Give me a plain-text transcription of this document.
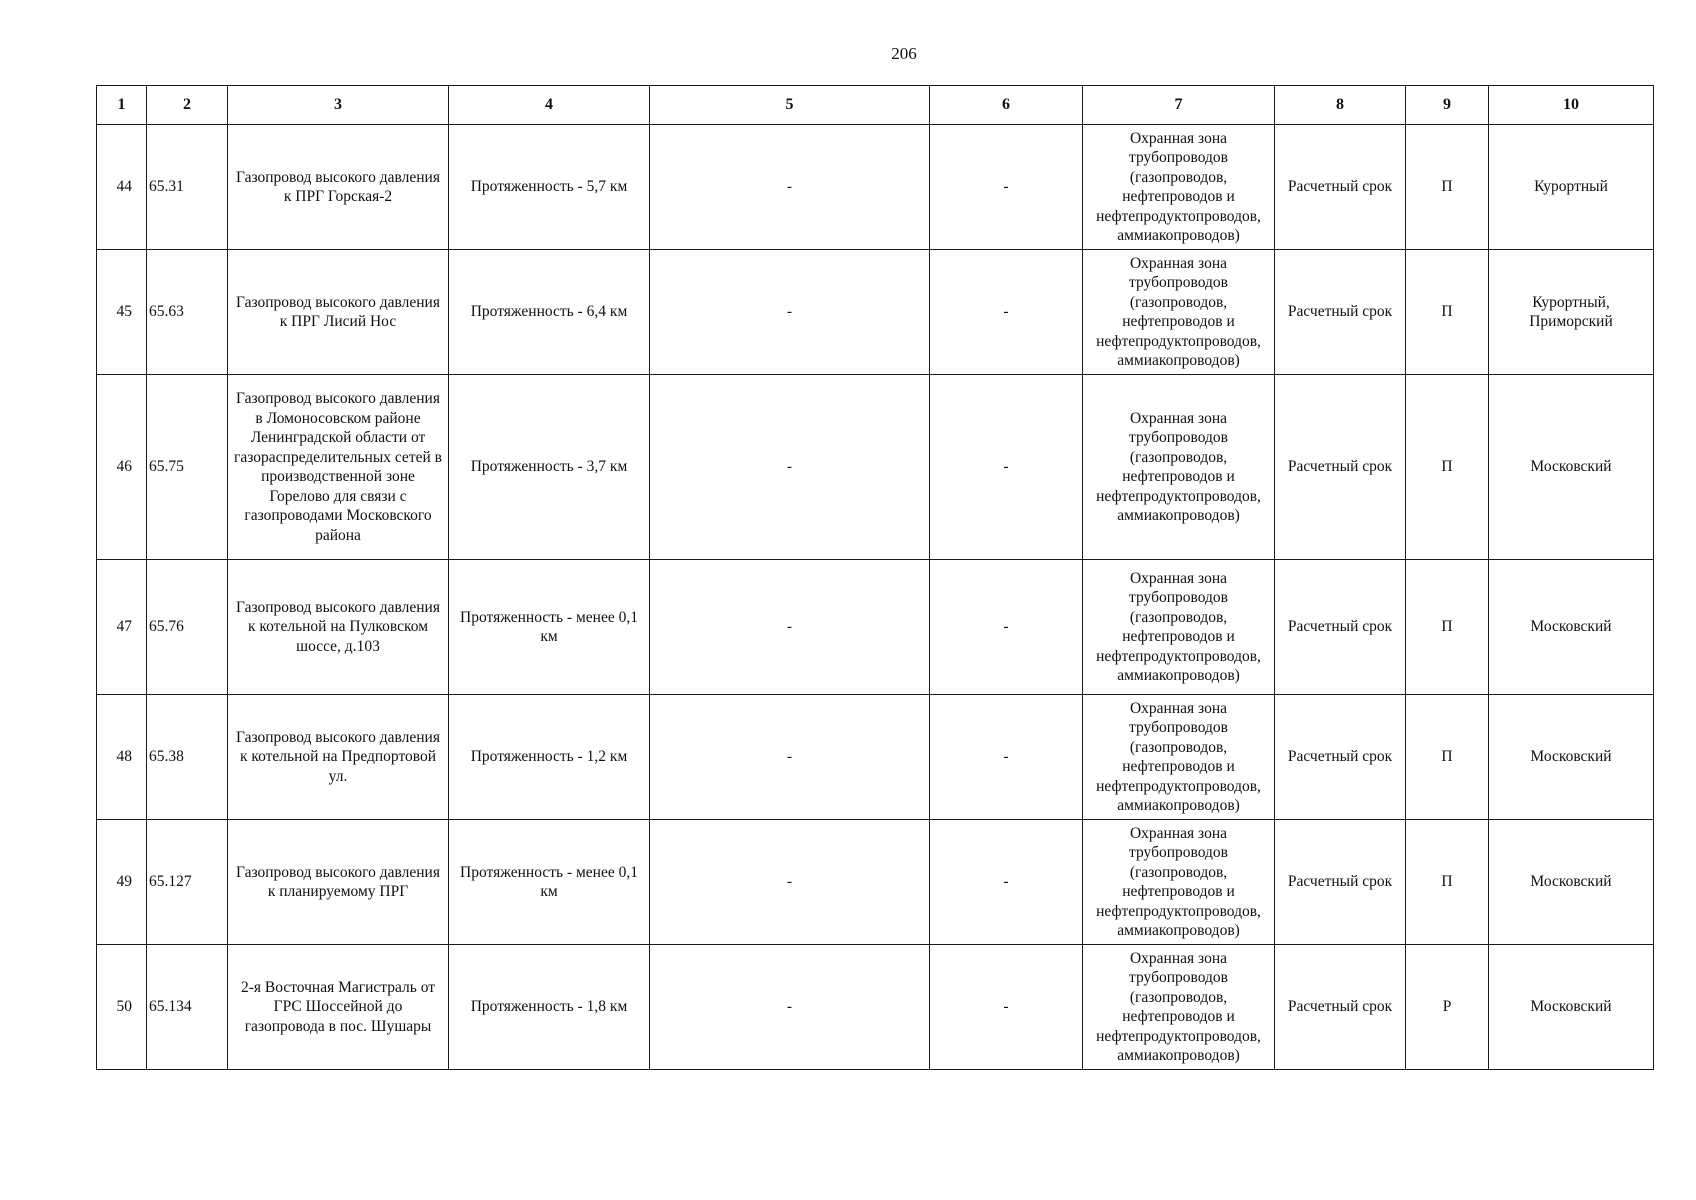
206
1	2	3	4	5	6	7	8	9	10
44	65.31	Газопровод высокого давления к ПРГ Горская-2	Протяженность - 5,7 км	-	-	Охранная зона трубопроводов (газопроводов, нефтепроводов и нефтепродуктопроводов, аммиакопроводов)	Расчетный срок	П	Курортный
45	65.63	Газопровод высокого давления к ПРГ Лисий Нос	Протяженность - 6,4 км	-	-	Охранная зона трубопроводов (газопроводов, нефтепроводов и нефтепродуктопроводов, аммиакопроводов)	Расчетный срок	П	Курортный, Приморский
46	65.75	Газопровод высокого давления в Ломоносовском районе Ленинградской области от газораспределительных сетей в производственной зоне Горелово для связи с газопроводами Московского района	Протяженность - 3,7 км	-	-	Охранная зона трубопроводов (газопроводов, нефтепроводов и нефтепродуктопроводов, аммиакопроводов)	Расчетный срок	П	Московский
47	65.76	Газопровод высокого давления к котельной на Пулковском шоссе, д.103	Протяженность - менее 0,1 км	-	-	Охранная зона трубопроводов (газопроводов, нефтепроводов и нефтепродуктопроводов, аммиакопроводов)	Расчетный срок	П	Московский
48	65.38	Газопровод высокого давления к котельной на Предпортовой ул.	Протяженность - 1,2 км	-	-	Охранная зона трубопроводов (газопроводов, нефтепроводов и нефтепродуктопроводов, аммиакопроводов)	Расчетный срок	П	Московский
49	65.127	Газопровод высокого давления к планируемому ПРГ	Протяженность - менее 0,1 км	-	-	Охранная зона трубопроводов (газопроводов, нефтепроводов и нефтепродуктопроводов, аммиакопроводов)	Расчетный срок	П	Московский
50	65.134	2-я Восточная Магистраль от ГРС Шоссейной до газопровода в пос. Шушары	Протяженность - 1,8 км	-	-	Охранная зона трубопроводов (газопроводов, нефтепроводов и нефтепродуктопроводов, аммиакопроводов)	Расчетный срок	Р	Московский
